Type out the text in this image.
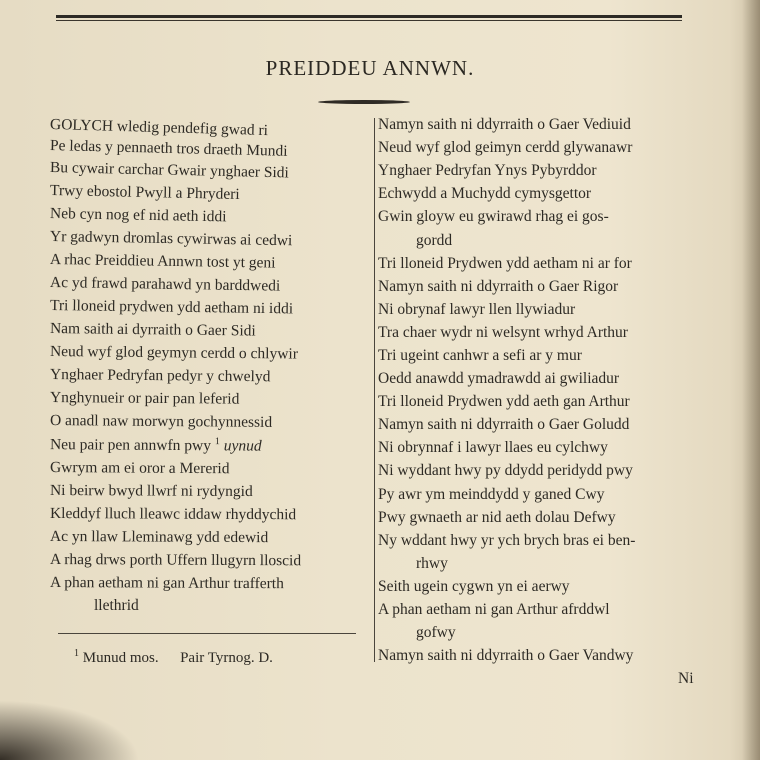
PREIDDEU ANNWN.
GOLYCH wledig pendefig gwad ri
Pe ledas y pennaeth tros draeth Mundi
Bu cywair carchar Gwair ynghaer Sidi
Trwy ebostol Pwyll a Phryderi
Neb cyn nog ef nid aeth iddi
Yr gadwyn dromlas cywirwas ai cedwi
A rhac Preiddieu Annwn tost yt geni
Ac yd frawd parahawd yn barddwedi
Tri lloneid prydwen ydd aetham ni iddi
Nam saith ai dyrraith o Gaer Sidi
Neud wyf glod geymyn cerdd o chlywir
Ynghaer Pedryfan pedyr y chwelyd
Ynghynueir or pair pan leferid
O anadl naw morwyn gochynnessid
Neu pair pen annwfn pwy $^1$ uynud
Gwrym am ei oror a Mererid
Ni beirw bwyd llwrf ni rydyngid
Kleddyf lluch lleawc iddaw rhyddychid
Ac yn llaw Lleminawg ydd edewid
A rhag drws porth Uffern llugyrn lloscid
A phan aetham ni gan Arthur trafferth
llethrid
Namyn saith ni ddyrraith o Gaer Vediuid
Neud wyf glod geimyn cerdd glywanawr
Ynghaer Pedryfan Ynys Pybyrddor
Echwydd a Muchydd cymysgettor
Gwin gloyw eu gwirawd rhag ei gos-
gordd
Tri lloneid Prydwen ydd aetham ni ar for
Namyn saith ni ddyrraith o Gaer Rigor
Ni obrynaf lawyr llen llywiadur
Tra chaer wydr ni welsynt wrhyd Arthur
Tri ugeint canhwr a sefi ar y mur
Oedd anawdd ymadrawdd ai gwiliadur
Tri lloneid Prydwen ydd aeth gan Arthur
Namyn saith ni ddyrraith o Gaer Goludd
Ni obrynnaf i lawyr llaes eu cylchwy
Ni wyddant hwy py ddydd peridydd pwy
Py awr ym meinddydd y ganed Cwy
Pwy gwnaeth ar nid aeth dolau Defwy
Ny wddant hwy yr ych brych bras ei ben-
rhwy
Seith ugein cygwn yn ei aerwy
A phan aetham ni gan Arthur afrddwl
gofwy
Namyn saith ni ddyrraith o Gaer Vandwy
Ni
$^1$ Munud mos. Pair Tyrnog. D.
